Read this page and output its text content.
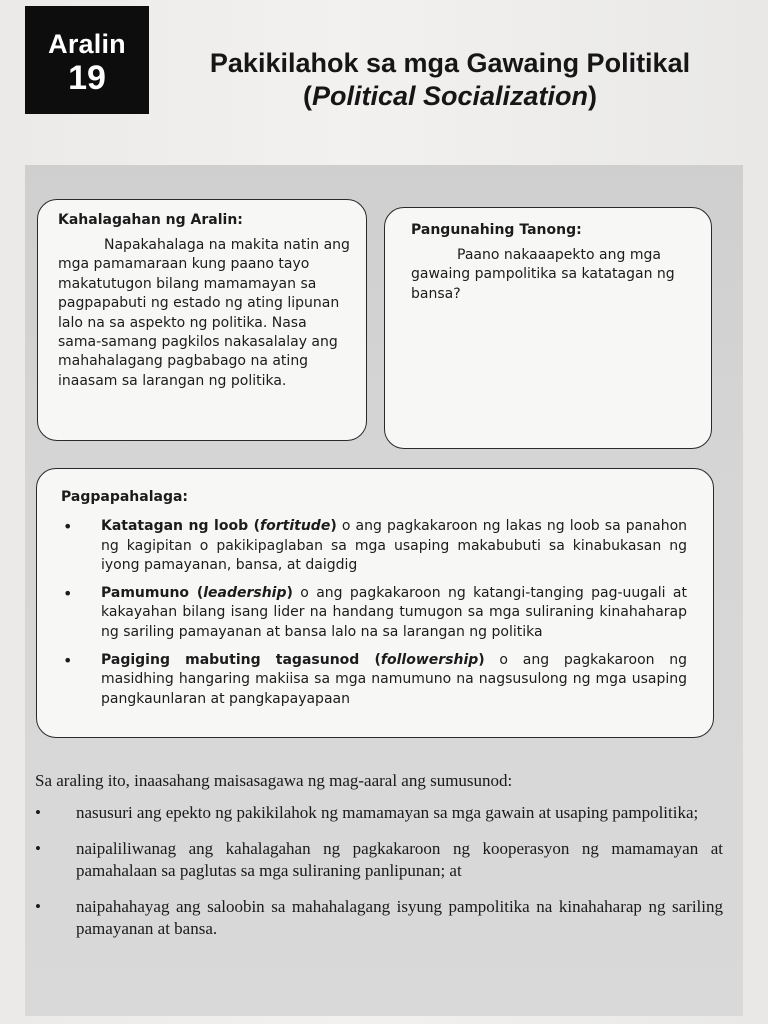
Aralin
19	Pakikilahok sa mga Gawaing Politikal
(Political Socialization)
Kahalagahan ng Aralin:

Napakahalaga na makita natin ang mga pamamaraan kung paano tayo makatutugon bilang mamamayan sa pagpapabuti ng estado ng ating lipunan lalo na sa aspekto ng politika. Nasa sama-samang pagkilos nakasalalay ang mahahalagang pagbabago na ating inaasam sa larangan ng politika.

Pangunahing Tanong:

Paano nakaaapekto ang mga gawaing pampolitika sa katatagan ng bansa?

Pagpapahalaga:
• Katatagan ng loob (fortitude) o ang pagkakaroon ng lakas ng loob sa panahon ng kagipitan o pakikipaglaban sa mga usaping makabubuti sa kinabukasan ng iyong pamayanan, bansa, at daigdig
• Pamumuno (leadership) o ang pagkakaroon ng katangi-tanging pag-uugali at kakayahan bilang isang lider na handang tumugon sa mga suliraning kinahaharap ng sariling pamayanan at bansa lalo na sa larangan ng politika
• Pagiging mabuting tagasunod (followership) o ang pagkakaroon ng masidhing hangaring makiisa sa mga namumuno na nagsusulong ng mga usaping pangkaunlaran at pangkapayapaan

Sa araling ito, inaasahang maisasagawa ng mag-aaral ang sumusunod:

• nasusuri ang epekto ng pakikilahok ng mamamayan sa mga gawain at usaping pampolitika;
• naipaliliwanag ang kahalagahan ng pagkakaroon ng kooperasyon ng mamamayan at pamahalaan sa paglutas sa mga suliraning panlipunan; at
• naipahahayag ang saloobin sa mahahalagang isyung pampolitika na kinahaharap ng sariling pamayanan at bansa.
